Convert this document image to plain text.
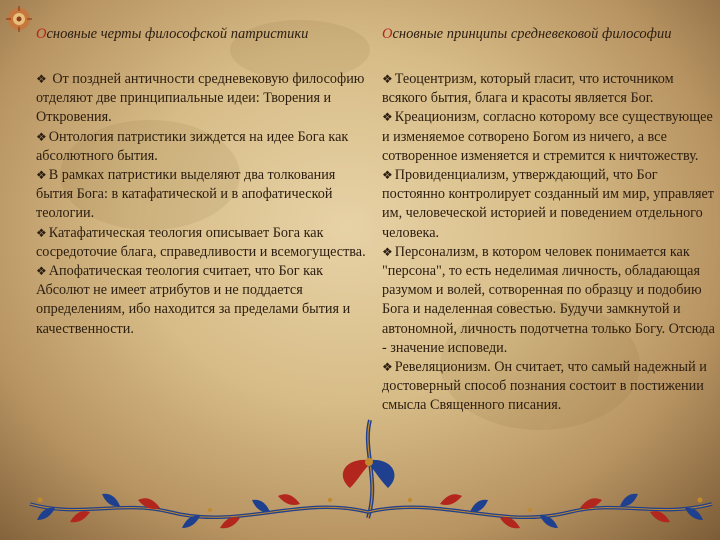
Основные черты философской патристики	Основные принципы средневековой философии

❖ От поздней античности средневековую философию отделяют две принципиальные идеи: Творения и Откровения.

❖ Онтология патристики зиждется на идее Бога как абсолютного бытия.

❖ В рамках патристики выделяют два толкования бытия Бога: в катафатической и в апофатической теологии.

❖ Катафатическая теология описывает Бога как сосредоточие блага, справедливости и всемогущества.

❖ Апофатическая теология считает, что Бог как Абсолют не имеет атрибутов и не поддается определениям, ибо находится за пределами бытия и качественности.

❖ Теоцентризм, который гласит, что источником всякого бытия, блага и красоты является Бог.

❖ Креационизм, согласно которому все существующее и изменяемое сотворено Богом из ничего, а все сотворенное изменяется и стремится к ничтожеству.

❖ Провиденциализм, утверждающий, что Бог постоянно контролирует созданный им мир, управляет им, человеческой историей и поведением отдельного человека.

❖ Персонализм, в котором человек понимается как "персона", то есть неделимая личность, обладающая разумом и волей, сотворенная по образцу и подобию Бога и наделенная совестью. Будучи замкнутой и автономной, личность подотчетна только Богу. Отсюда - значение исповеди.

❖ Ревеляционизм. Он считает, что самый надежный и достоверный способ познания состоит в постижении смысла Священного писания.
